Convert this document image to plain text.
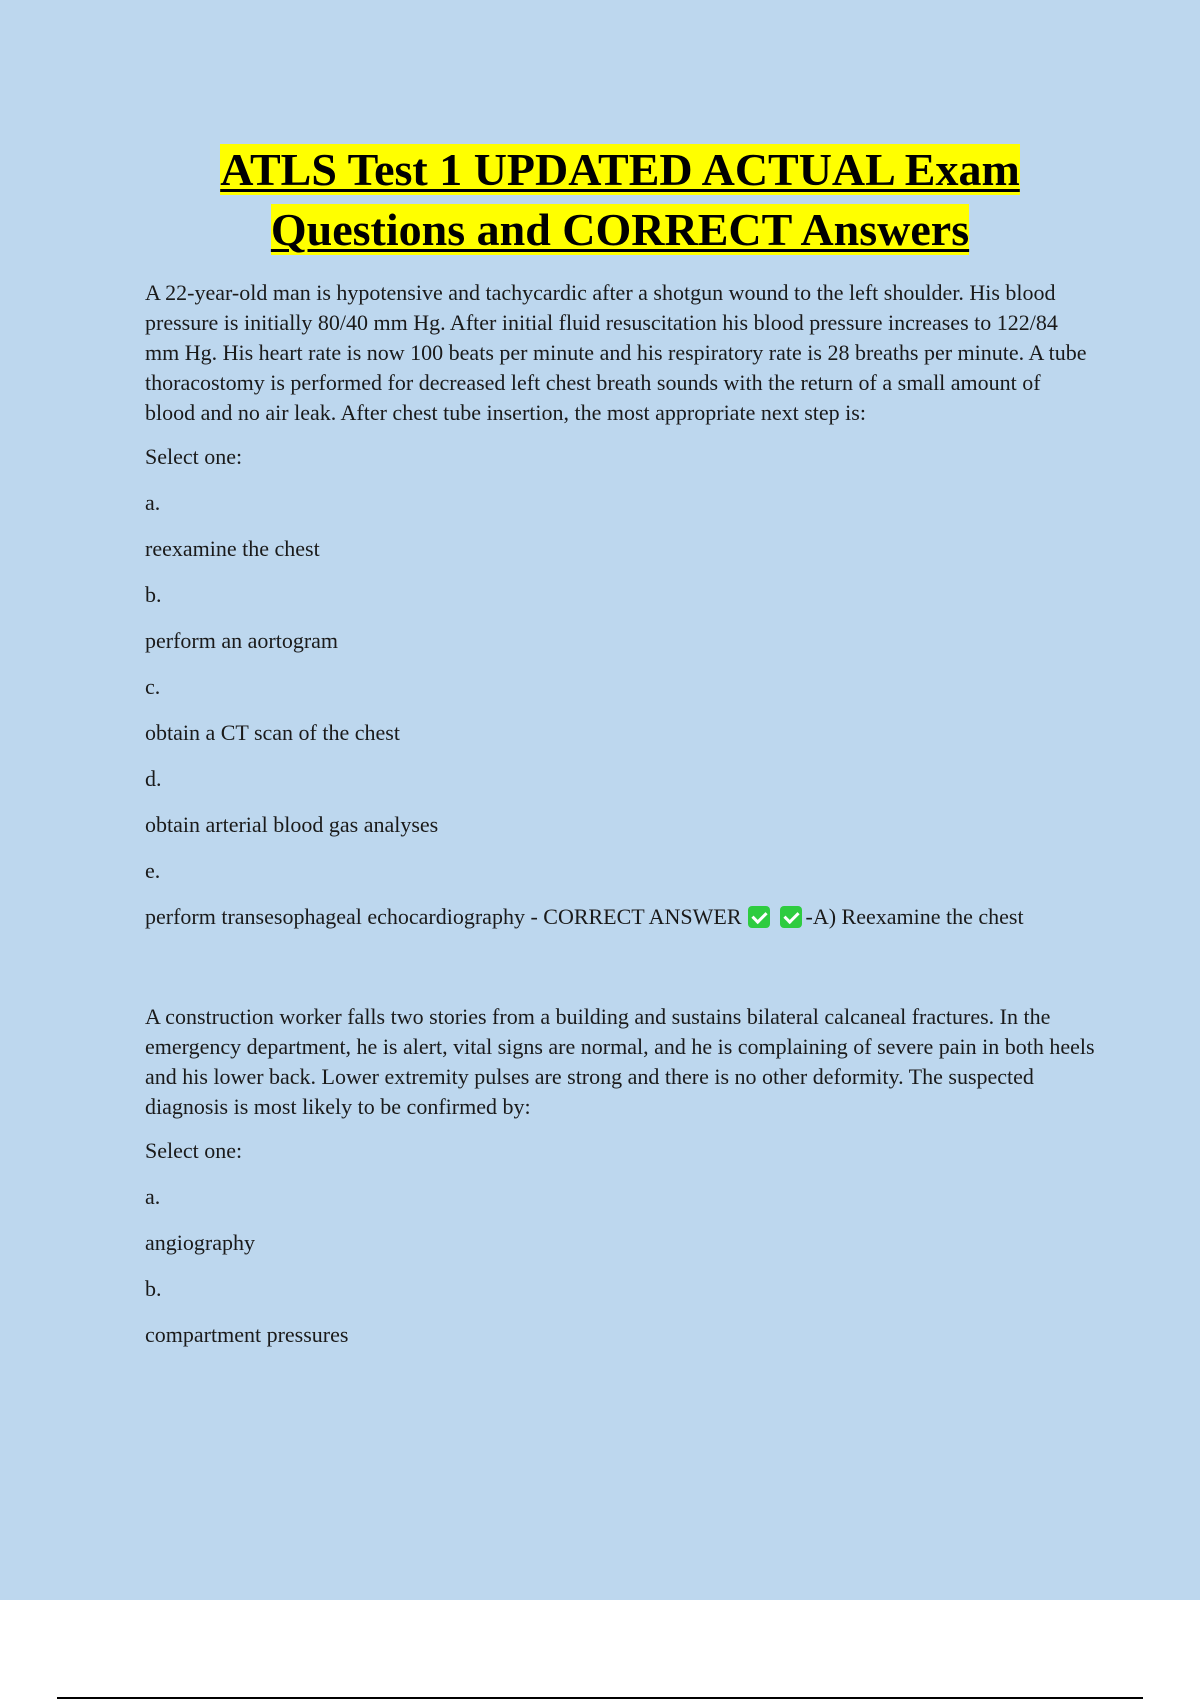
ATLS Test 1 UPDATED ACTUAL Exam Questions and CORRECT Answers

A 22-year-old man is hypotensive and tachycardic after a shotgun wound to the left shoulder. His blood pressure is initially 80/40 mm Hg. After initial fluid resuscitation his blood pressure increases to 122/84 mm Hg. His heart rate is now 100 beats per minute and his respiratory rate is 28 breaths per minute. A tube thoracostomy is performed for decreased left chest breath sounds with the return of a small amount of blood and no air leak. After chest tube insertion, the most appropriate next step is:

Select one:

a.

reexamine the chest

b.

perform an aortogram

c.

obtain a CT scan of the chest

d.

obtain arterial blood gas analyses

e.

perform transesophageal echocardiography - CORRECT ANSWER	-A) Reexamine the chest

A construction worker falls two stories from a building and sustains bilateral calcaneal fractures. In the emergency department, he is alert, vital signs are normal, and he is complaining of severe pain in both heels and his lower back. Lower extremity pulses are strong and there is no other deformity. The suspected diagnosis is most likely to be confirmed by:

Select one:

a.

angiography

b.

compartment pressures
